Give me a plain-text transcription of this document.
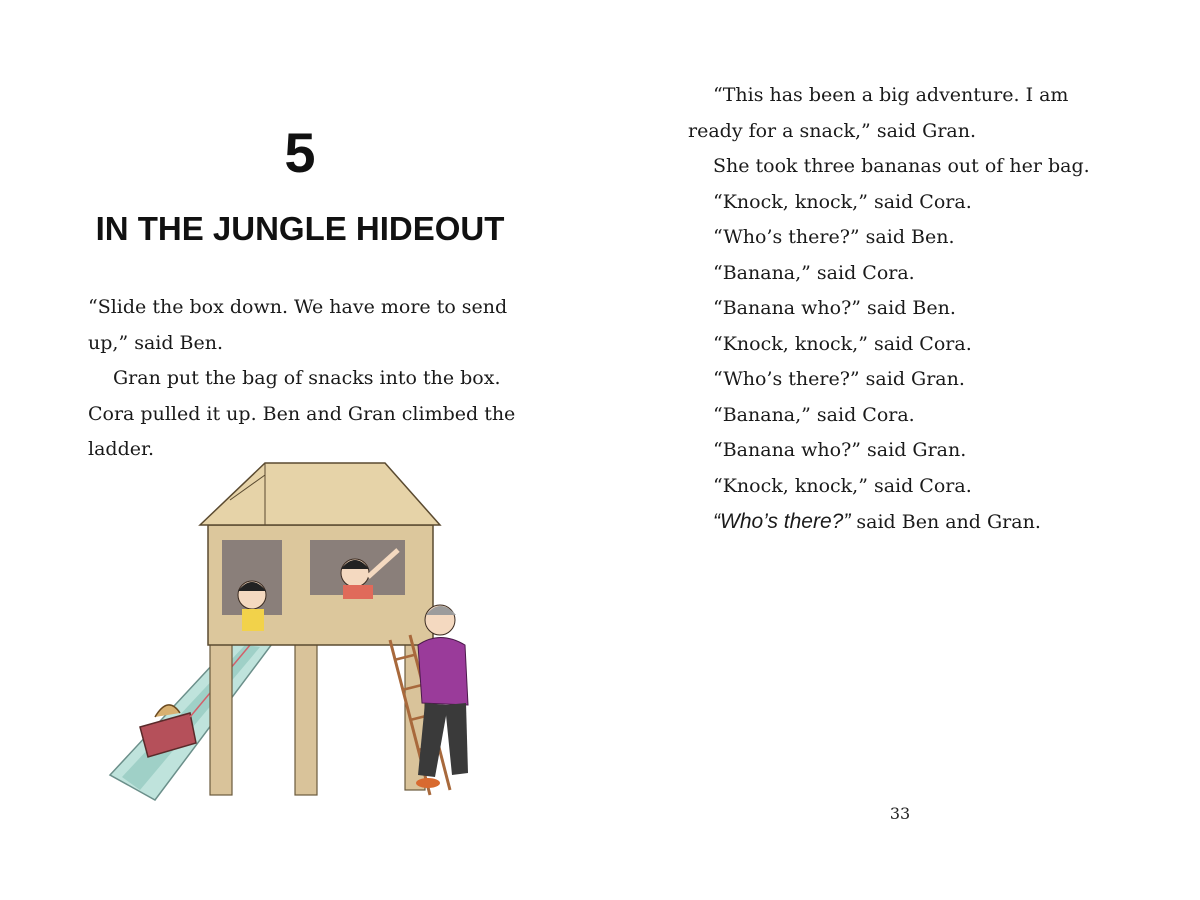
5
IN THE JUNGLE HIDEOUT

“Slide the box down. We have more to send up,” said Ben.

Gran put the bag of snacks into the box. Cora pulled it up. Ben and Gran climbed the ladder.

“This has been a big adventure. I am ready for a snack,” said Gran.

She took three bananas out of her bag.

“Knock, knock,” said Cora.

“Who’s there?” said Ben.

“Banana,” said Cora.

“Banana who?” said Ben.

“Knock, knock,” said Cora.

“Who’s there?” said Gran.

“Banana,” said Cora.

“Banana who?” said Gran.

“Knock, knock,” said Cora.

“Who’s there?” said Ben and Gran.

33
